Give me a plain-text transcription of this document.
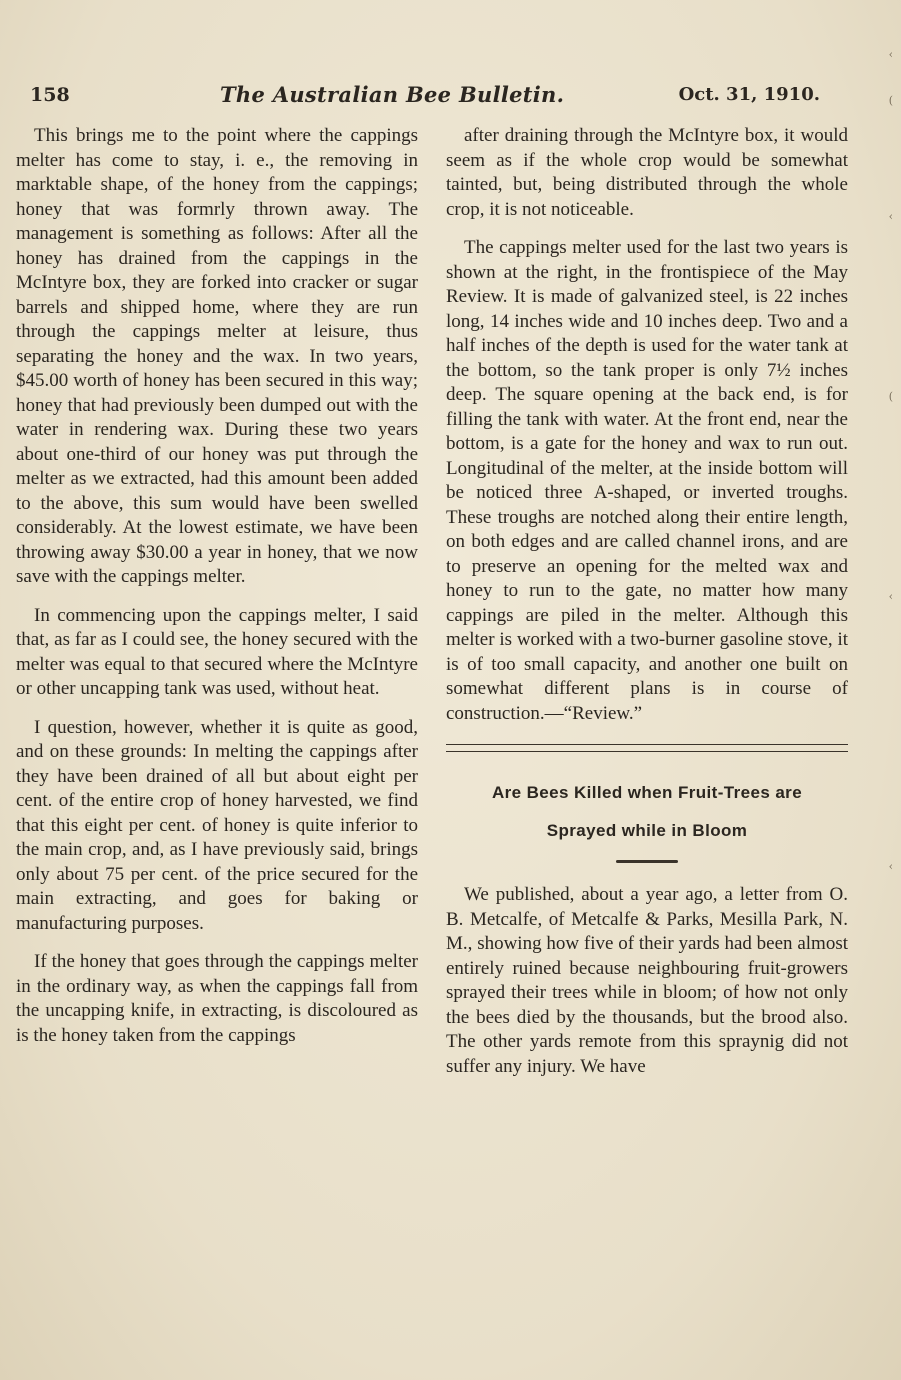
158	The Australian Bee Bulletin.	Oct. 31, 1910.

This brings me to the point where the cappings melter has come to stay, i. e., the removing in marktable shape, of the honey from the cappings; honey that was formrly thrown away. The management is something as follows: After all the honey has drained from the cappings in the McIntyre box, they are forked into cracker or sugar barrels and shipped home, where they are run through the cappings melter at leisure, thus separating the honey and the wax. In two years, $45.00 worth of honey has been secured in this way; honey that had previously been dumped out with the water in rendering wax. During these two years about one-third of our honey was put through the melter as we extracted, had this amount been added to the above, this sum would have been swelled considerably. At the lowest estimate, we have been throwing away $30.00 a year in honey, that we now save with the cappings melter.

In commencing upon the cappings melter, I said that, as far as I could see, the honey secured with the melter was equal to that secured where the McIntyre or other uncapping tank was used, without heat.

I question, however, whether it is quite as good, and on these grounds: In melting the cappings after they have been drained of all but about eight per cent. of the entire crop of honey harvested, we find that this eight per cent. of honey is quite inferior to the main crop, and, as I have previously said, brings only about 75 per cent. of the price secured for the main extracting, and goes for baking or manufacturing purposes.

If the honey that goes through the cappings melter in the ordinary way, as when the cappings fall from the uncapping knife, in extracting, is discoloured as is the honey taken from the cappings

after draining through the McIntyre box, it would seem as if the whole crop would be somewhat tainted, but, being distributed through the whole crop, it is not noticeable.

The cappings melter used for the last two years is shown at the right, in the frontispiece of the May Review. It is made of galvanized steel, is 22 inches long, 14 inches wide and 10 inches deep. Two and a half inches of the depth is used for the water tank at the bottom, so the tank proper is only 7½ inches deep. The square opening at the back end, is for filling the tank with water. At the front end, near the bottom, is a gate for the honey and wax to run out. Longitudinal of the melter, at the inside bottom will be noticed three A-shaped, or inverted troughs. These troughs are notched along their entire length, on both edges and are called channel irons, and are to preserve an opening for the melted wax and honey to run to the gate, no matter how many cappings are piled in the melter. Although this melter is worked with a two-burner gasoline stove, it is of too small capacity, and another one built on somewhat different plans is in course of construction.—“Review.”

Are Bees Killed when Fruit-Trees are
Sprayed while in Bloom

We published, about a year ago, a letter from O. B. Metcalfe, of Metcalfe & Parks, Mesilla Park, N. M., showing how five of their yards had been almost entirely ruined because neighbouring fruit-growers sprayed their trees while in bloom; of how not only the bees died by the thousands, but the brood also. The other yards remote from this spraynig did not suffer any injury. We have

‹
(
‹
(
‹
‹
